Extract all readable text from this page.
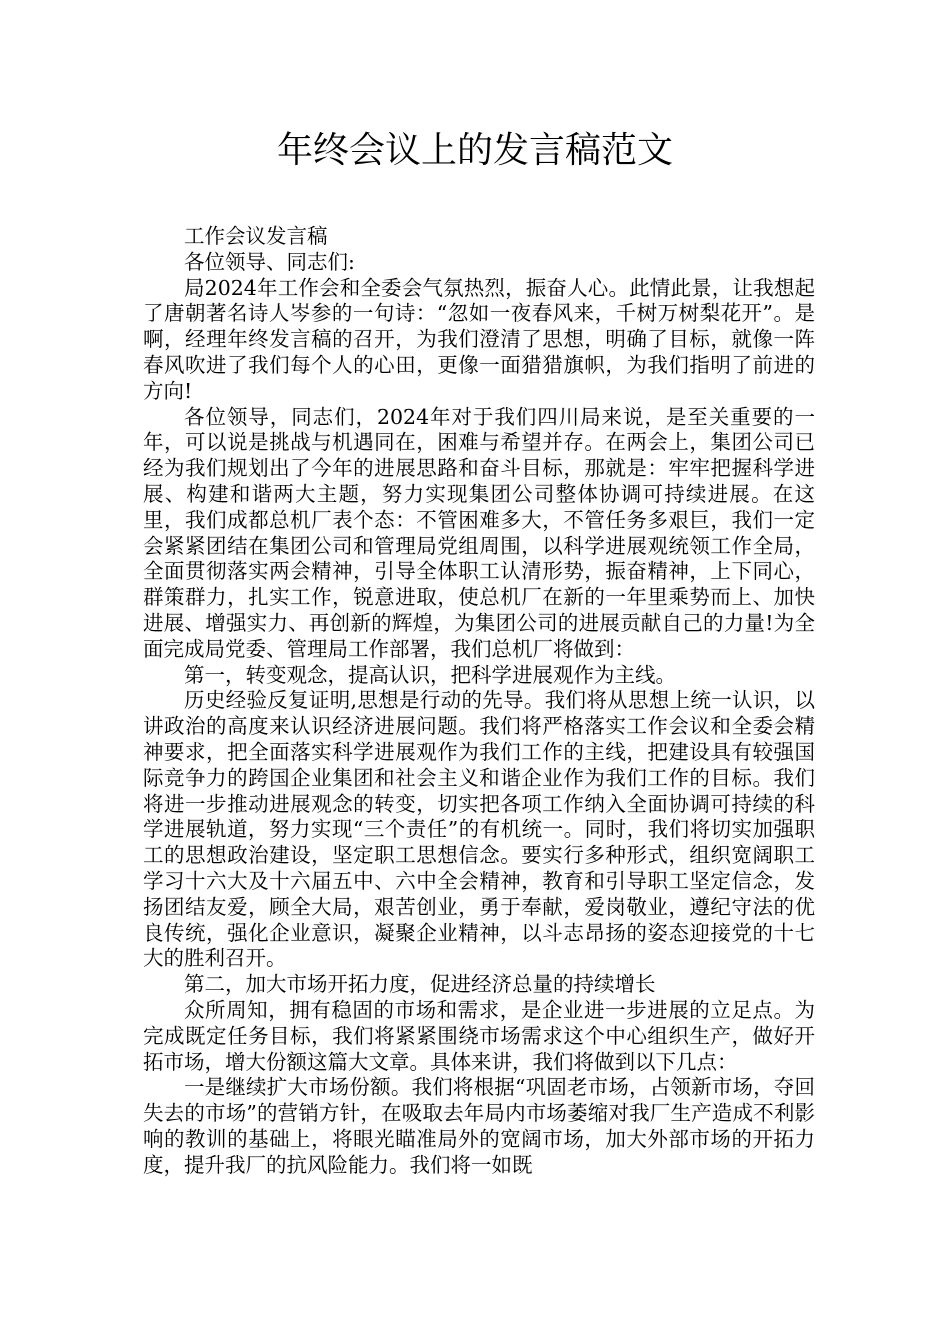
年终会议上的发言稿范文

工作会议发言稿

各位领导、同志们:

局2024年工作会和全委会气氛热烈，振奋人心。此情此景，让我想起了唐朝著名诗人岑参的一句诗：“忽如一夜春风来，千树万树梨花开”。是啊，经理年终发言稿的召开，为我们澄清了思想，明确了目标，就像一阵春风吹进了我们每个人的心田，更像一面猎猎旗帜，为我们指明了前进的方向!

各位领导，同志们，2024年对于我们四川局来说，是至关重要的一年，可以说是挑战与机遇同在，困难与希望并存。在两会上，集团公司已经为我们规划出了今年的进展思路和奋斗目标，那就是：牢牢把握科学进展、构建和谐两大主题，努力实现集团公司整体协调可持续进展。在这里，我们成都总机厂表个态：不管困难多大，不管任务多艰巨，我们一定会紧紧团结在集团公司和管理局党组周围，以科学进展观统领工作全局，全面贯彻落实两会精神，引导全体职工认清形势，振奋精神，上下同心，群策群力，扎实工作，锐意进取，使总机厂在新的一年里乘势而上、加快进展、增强实力、再创新的辉煌，为集团公司的进展贡献自己的力量!为全面完成局党委、管理局工作部署，我们总机厂将做到：

第一，转变观念，提高认识，把科学进展观作为主线。

历史经验反复证明,思想是行动的先导。我们将从思想上统一认识，以讲政治的高度来认识经济进展问题。我们将严格落实工作会议和全委会精神要求，把全面落实科学进展观作为我们工作的主线，把建设具有较强国际竞争力的跨国企业集团和社会主义和谐企业作为我们工作的目标。我们将进一步推动进展观念的转变，切实把各项工作纳入全面协调可持续的科学进展轨道，努力实现“三个责任”的有机统一。同时，我们将切实加强职工的思想政治建设，坚定职工思想信念。要实行多种形式，组织宽阔职工学习十六大及十六届五中、六中全会精神，教育和引导职工坚定信念，发扬团结友爱，顾全大局，艰苦创业，勇于奉献，爱岗敬业，遵纪守法的优良传统，强化企业意识，凝聚企业精神，以斗志昂扬的姿态迎接党的十七大的胜利召开。

第二，加大市场开拓力度，促进经济总量的持续增长

众所周知，拥有稳固的市场和需求，是企业进一步进展的立足点。为完成既定任务目标，我们将紧紧围绕市场需求这个中心组织生产，做好开拓市场，增大份额这篇大文章。具体来讲，我们将做到以下几点：

一是继续扩大市场份额。我们将根据“巩固老市场，占领新市场，夺回失去的市场”的营销方针，在吸取去年局内市场萎缩对我厂生产造成不利影响的教训的基础上，将眼光瞄准局外的宽阔市场，加大外部市场的开拓力度，提升我厂的抗风险能力。我们将一如既
